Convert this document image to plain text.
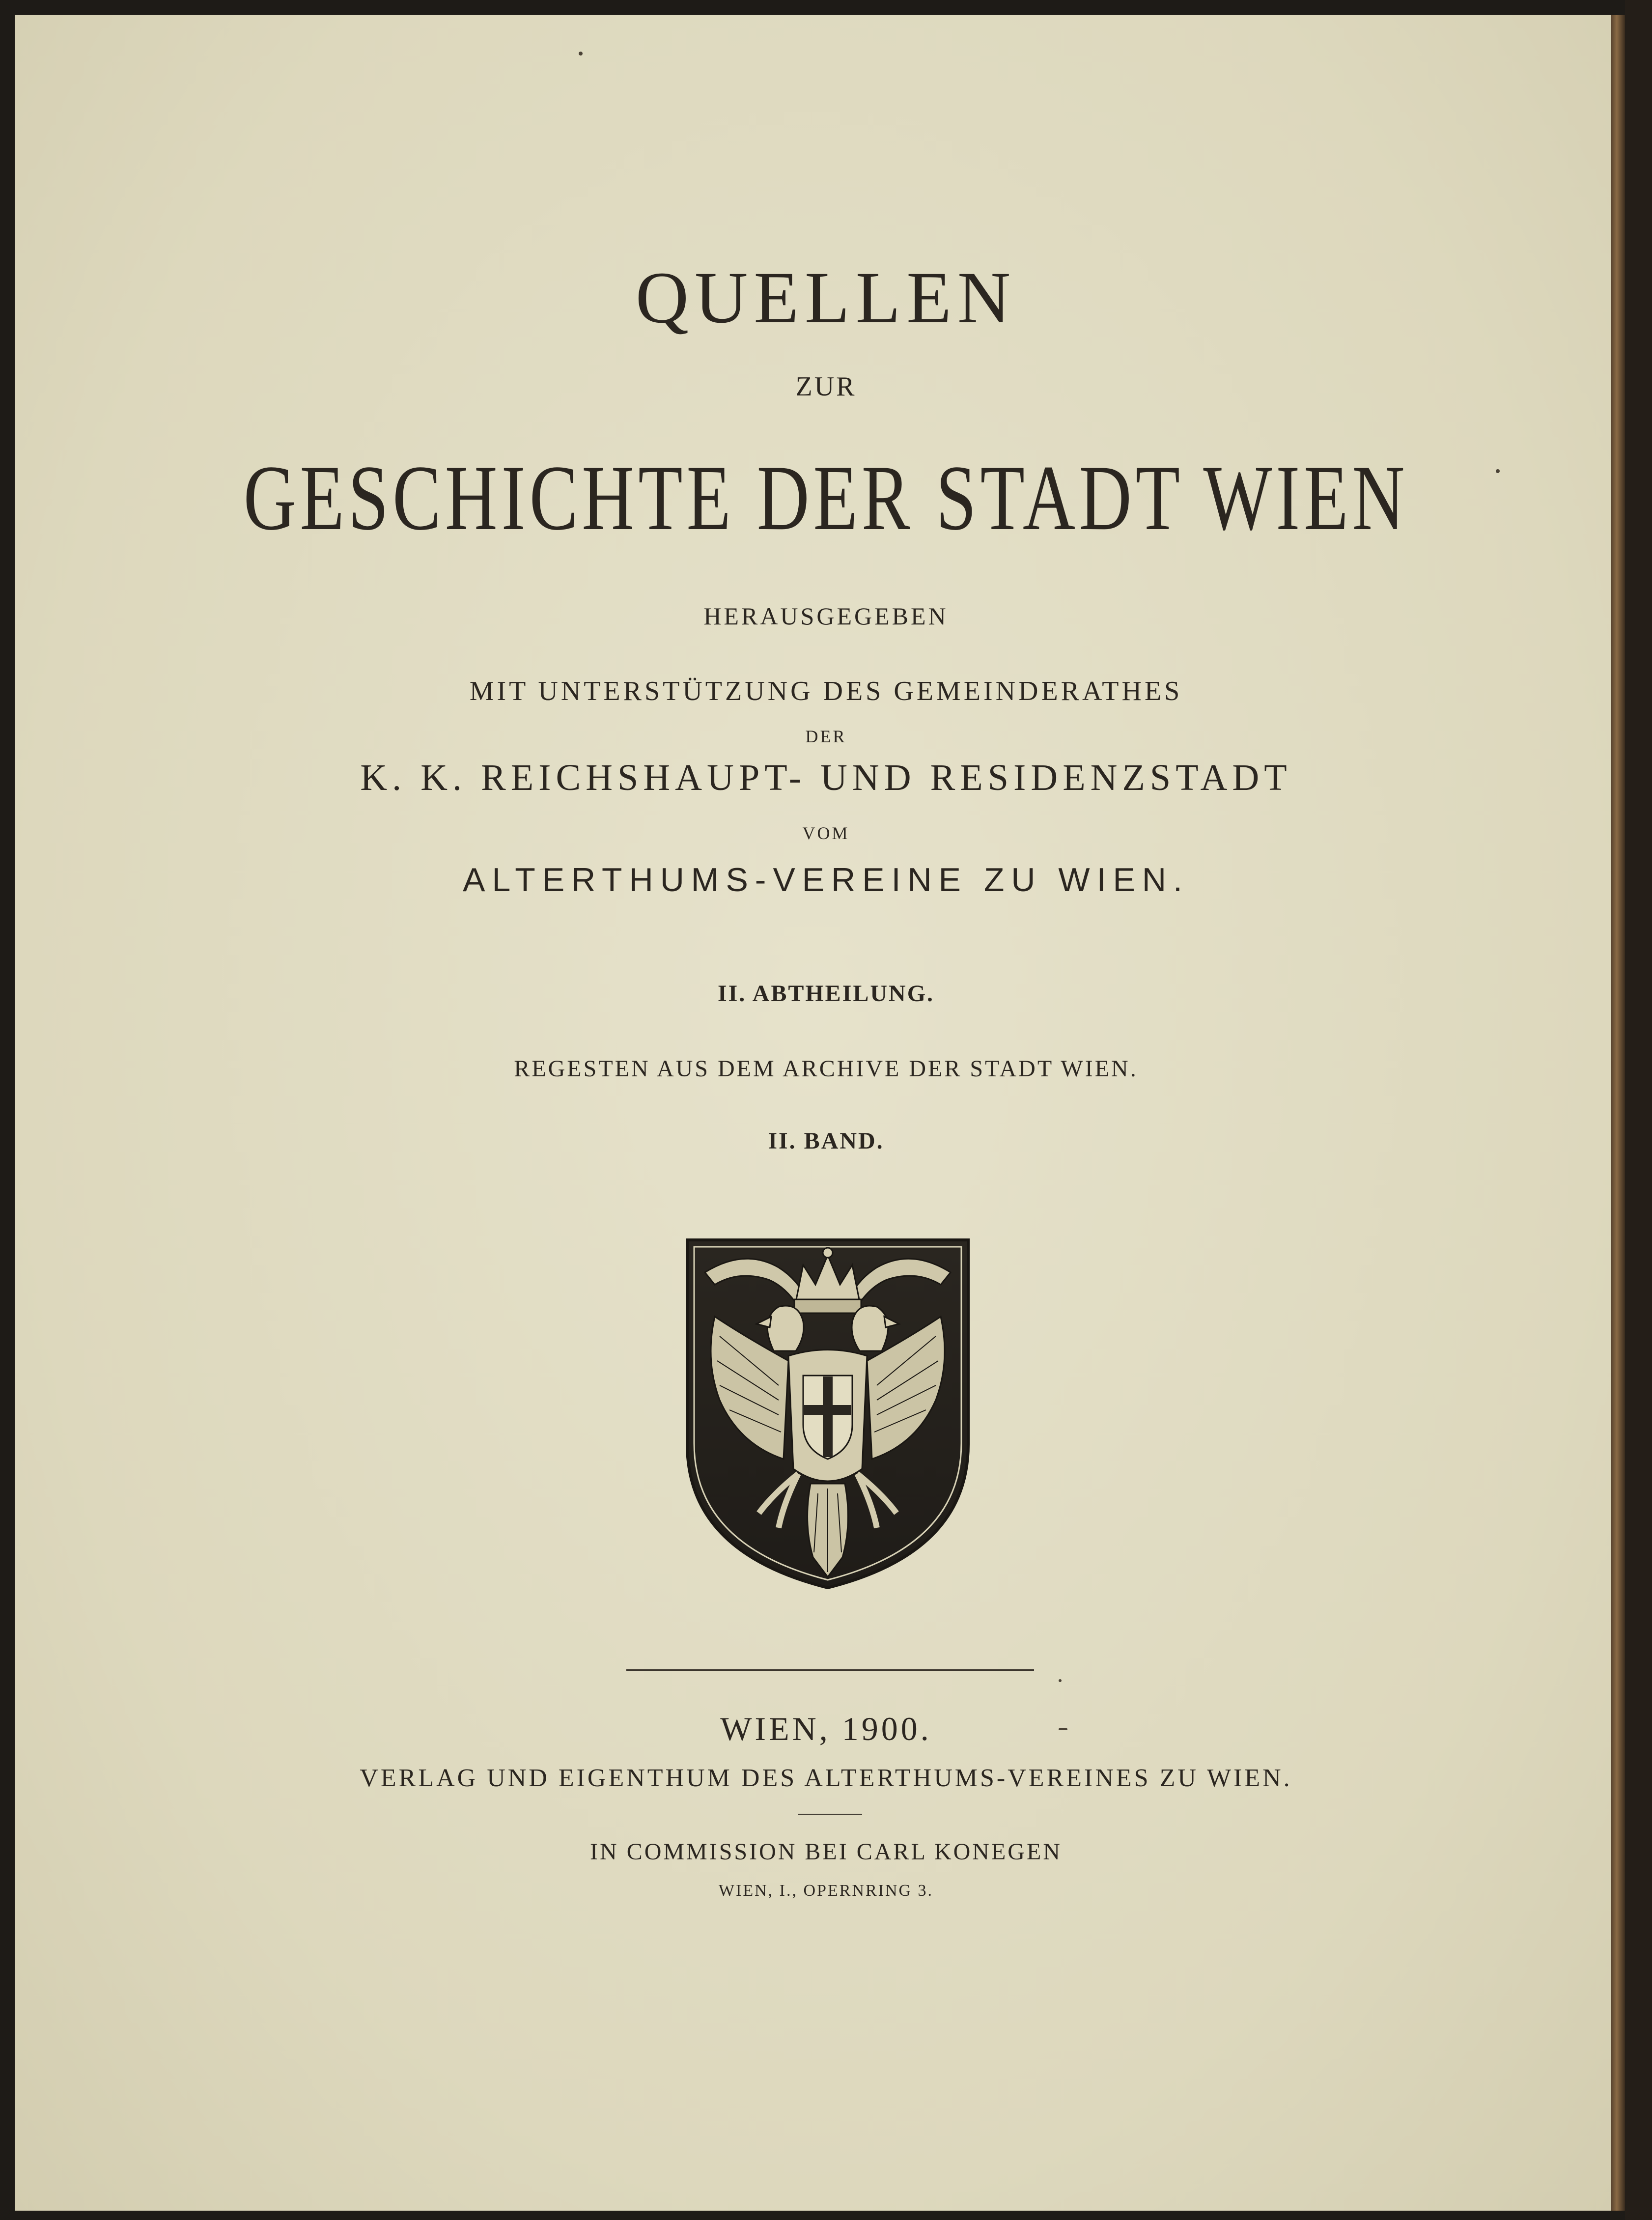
QUELLEN
ZUR
GESCHICHTE DER STADT WIEN
HERAUSGEGEBEN
MIT UNTERSTÜTZUNG DES GEMEINDERATHES
DER
K. K. REICHSHAUPT- UND RESIDENZSTADT
VOM
ALTERTHUMS-VEREINE ZU WIEN.
II. ABTHEILUNG.
REGESTEN AUS DEM ARCHIVE DER STADT WIEN.
II. BAND.
WIEN, 1900.
VERLAG UND EIGENTHUM DES ALTERTHUMS-VEREINES ZU WIEN.
IN COMMISSION BEI CARL KONEGEN
WIEN, I., OPERNRING 3.
